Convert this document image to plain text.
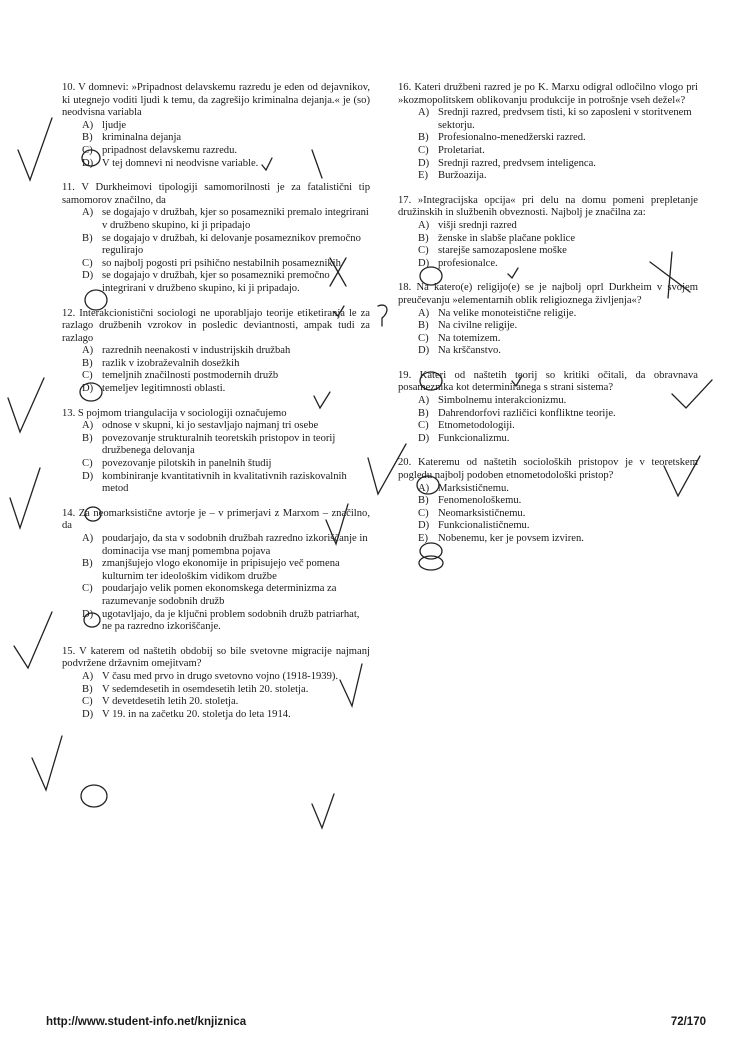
10. V domnevi: »Pripadnost delavskemu razredu je eden od dejavnikov, ki utegnejo voditi ljudi k temu, da zagrešijo kriminalna dejanja.« je (so) neodvisna variabla
A) ljudje
B) kriminalna dejanja
C) pripadnost delavskemu razredu.
D) V tej domnevi ni neodvisne variable.
11. V Durkheimovi tipologiji samomorilnosti je za fatalistični tip samomorov značilno, da
A) se dogajajo v družbah, kjer so posamezniki premalo integrirani v družbeno skupino, ki ji pripadajo
B) se dogajajo v družbah, ki delovanje posameznikov premočno regulirajo
C) so najbolj pogosti pri psihično nestabilnih posameznikih
D) se dogajajo v družbah, kjer so posamezniki premočno integrirani v družbeno skupino, ki ji pripadajo.
12. Interakcionistični sociologi ne uporabljajo teorije etiketiranja le za razlago družbenih vzrokov in posledic deviantnosti, ampak tudi za razlago
A) razrednih neenakosti v industrijskih družbah
B) razlik v izobraževalnih dosežkih
C) temeljnih značilnosti postmodernih družb
D) temeljev legitimnosti oblasti.
13. S pojmom triangulacija v sociologiji označujemo
A) odnose v skupni, ki jo sestavljajo najmanj tri osebe
B) povezovanje strukturalnih teoretskih pristopov in teorij družbenega delovanja
C) povezovanje pilotskih in panelnih študij
D) kombiniranje kvantitativnih in kvalitativnih raziskovalnih metod
14. Za neomarksistične avtorje je – v primerjavi z Marxom – značilno, da
A) poudarjajo, da sta v sodobnih družbah razredno izkoriščanje in dominacija vse manj pomembna pojava
B) zmanjšujejo vlogo ekonomije in pripisujejo več pomena kulturnim ter ideološkim vidikom družbe
C) poudarjajo velik pomen ekonomskega determinizma za razumevanje sodobnih družb
D) ugotavljajo, da je ključni problem sodobnih družb patriarhat, ne pa razredno izkoriščanje.
15. V katerem od naštetih obdobij so bile svetovne migracije najmanj podvržene državnim omejitvam?
A) V času med prvo in drugo svetovno vojno (1918-1939).
B) V sedemdesetih in osemdesetih letih 20. stoletja.
C) V devetdesetih letih 20. stoletja.
D) V 19. in na začetku 20. stoletja do leta 1914.
16. Kateri družbeni razred je po K. Marxu odigral odločilno vlogo pri »kozmopolitskem oblikovanju produkcije in potrošnje vseh dežel«?
A) Srednji razred, predvsem tisti, ki so zaposleni v storitvenem sektorju.
B) Profesionalno-menedžerski razred.
C) Proletariat.
D) Srednji razred, predvsem inteligenca.
E) Buržoazija.
17. »Integracijska opcija« pri delu na domu pomeni prepletanje družinskih in službenih obveznosti. Najbolj je značilna za:
A) višji srednji razred
B) ženske in slabše plačane poklice
C) starejše samozaposlene moške
D) profesionalce.
18. Na katero(e) religijo(e) se je najbolj oprl Durkheim v svojem preučevanju »elementarnih oblik religioznega življenja«?
A) Na velike monoteistične religije.
B) Na civilne religije.
C) Na totemizem.
D) Na krščanstvo.
19. Kateri od naštetih teorij so kritiki očitali, da obravnava posameznika kot determiniranega s strani sistema?
A) Simbolnemu interakcionizmu.
B) Dahrendorfovi različici konfliktne teorije.
C) Etnometodologiji.
D) Funkcionalizmu.
20. Kateremu od naštetih socioloških pristopov je v teoretskem pogledu najbolj podoben etnometodološki pristop?
A) Marksističnemu.
B) Fenomenološkemu.
C) Neomarksističnemu.
D) Funkcionalističnemu.
E) Nobenemu, ker je povsem izviren.
http://www.student-info.net/knjiznica	72/170
